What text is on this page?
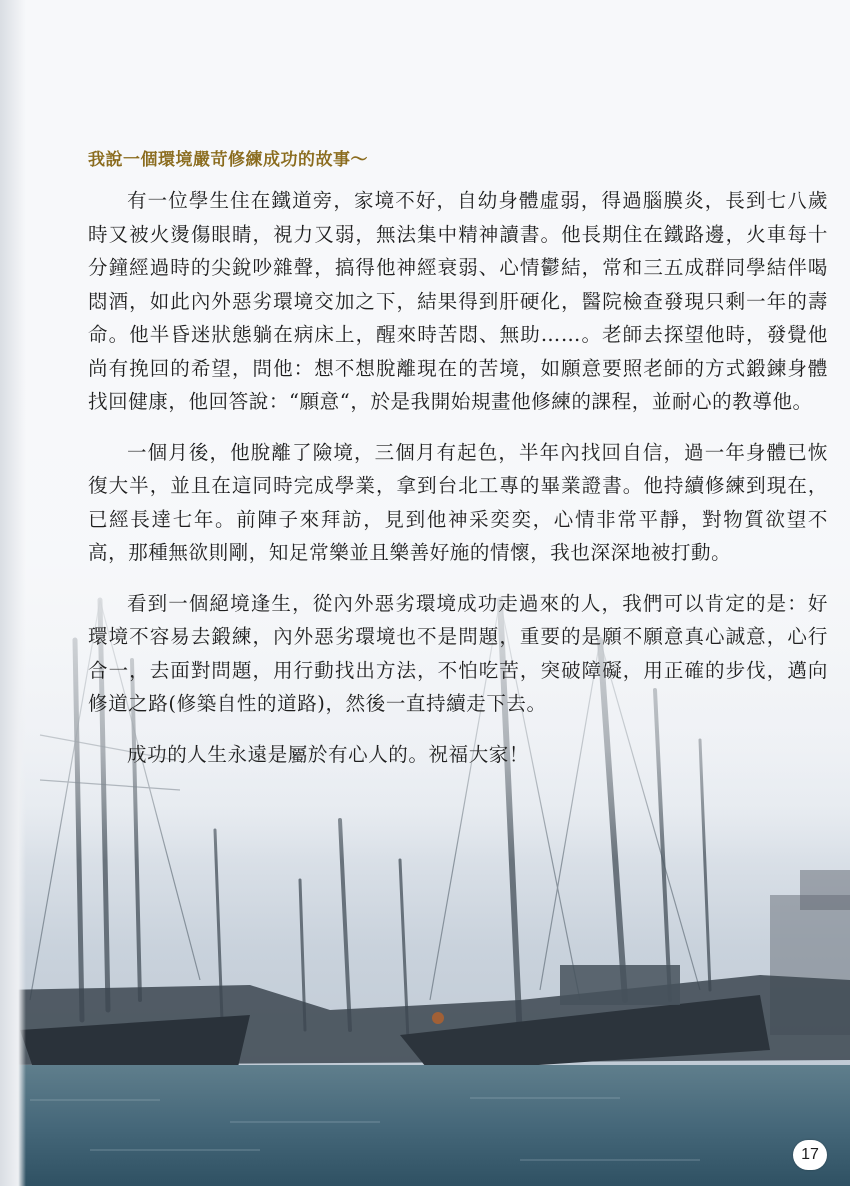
我說一個環境嚴苛修練成功的故事～

有一位學生住在鐵道旁，家境不好，自幼身體虛弱，得過腦膜炎，長到七八歲時又被火燙傷眼睛，視力又弱，無法集中精神讀書。他長期住在鐵路邊，火車每十分鐘經過時的尖銳吵雜聲，搞得他神經衰弱、心情鬱結，常和三五成群同學結伴喝悶酒，如此內外惡劣環境交加之下，結果得到肝硬化，醫院檢查發現只剩一年的壽命。他半昏迷狀態躺在病床上，醒來時苦悶、無助……。老師去探望他時，發覺他尚有挽回的希望，問他：想不想脫離現在的苦境，如願意要照老師的方式鍛鍊身體找回健康，他回答說：“願意“，於是我開始規畫他修練的課程，並耐心的教導他。

一個月後，他脫離了險境，三個月有起色，半年內找回自信，過一年身體已恢復大半，並且在這同時完成學業，拿到台北工專的畢業證書。他持續修練到現在，已經長達七年。前陣子來拜訪，見到他神采奕奕，心情非常平靜，對物質欲望不高，那種無欲則剛，知足常樂並且樂善好施的情懷，我也深深地被打動。

看到一個絕境逢生，從內外惡劣環境成功走過來的人，我們可以肯定的是：好環境不容易去鍛練，內外惡劣環境也不是問題，重要的是願不願意真心誠意，心行合一，去面對問題，用行動找出方法，不怕吃苦，突破障礙，用正確的步伐，邁向修道之路(修築自性的道路)，然後一直持續走下去。

成功的人生永遠是屬於有心人的。祝福大家！

17
